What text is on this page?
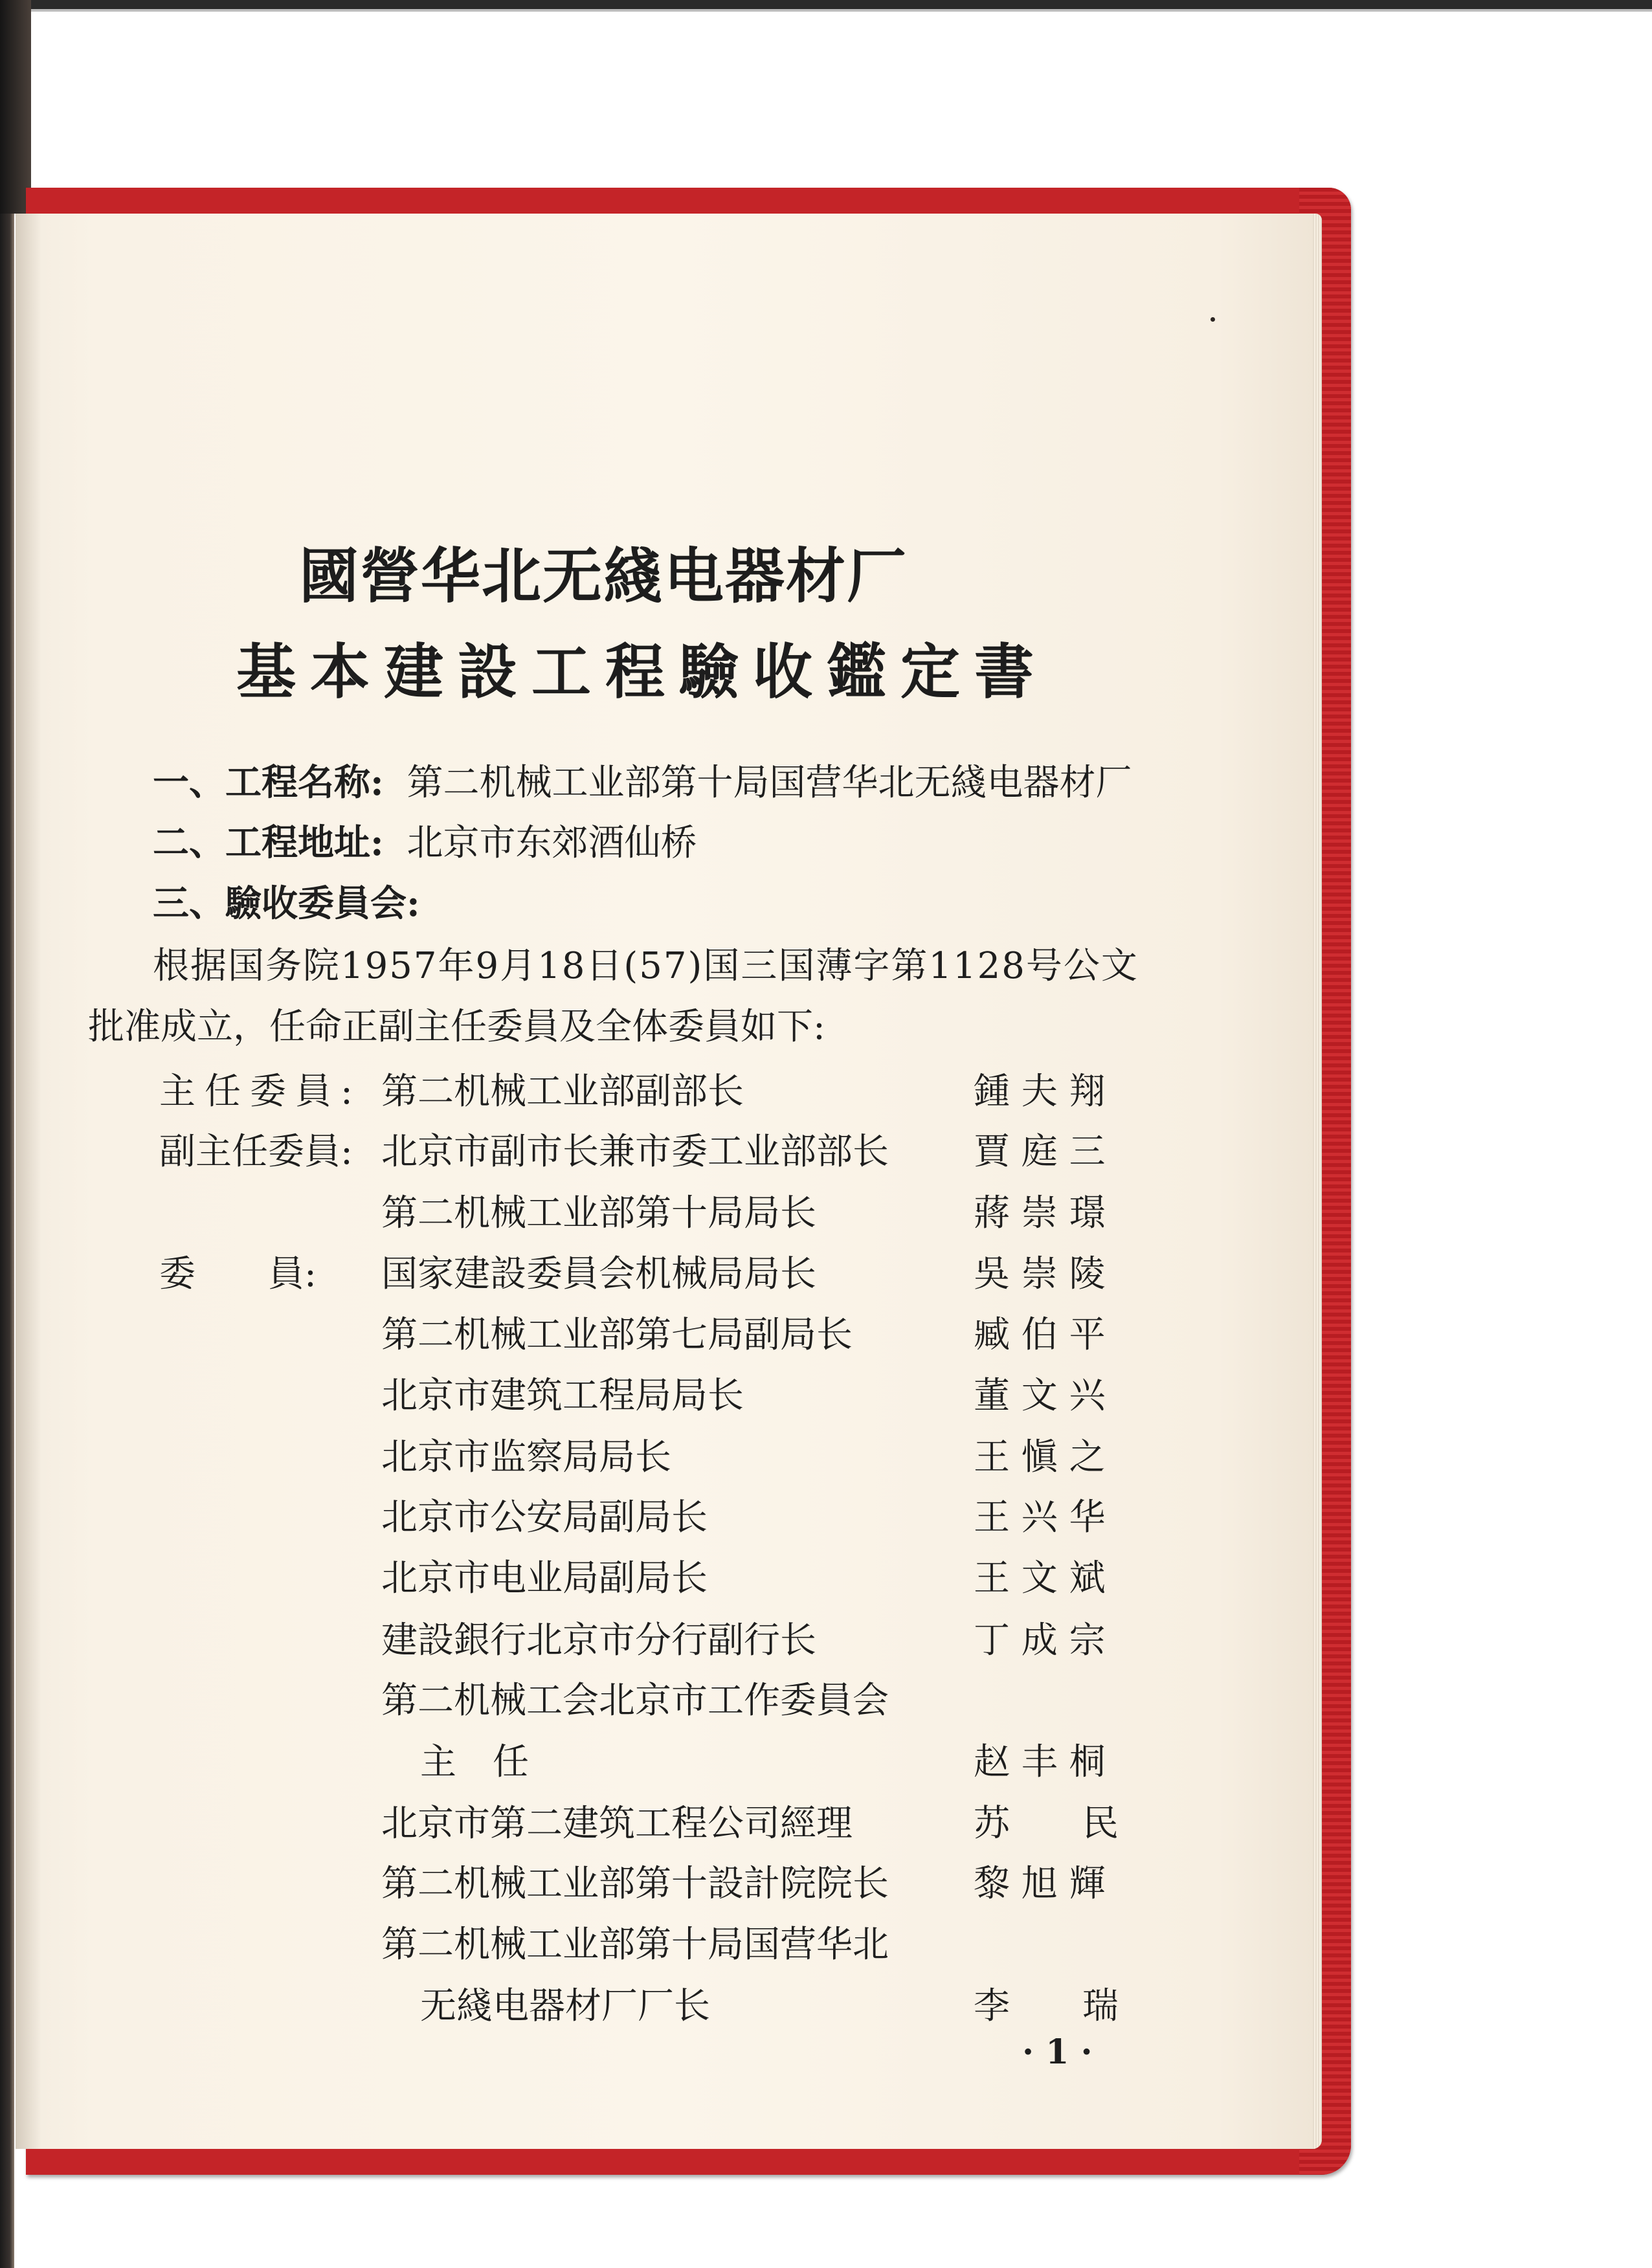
國營华北无綫电器材厂
基本建設工程驗收鑑定書

一、工程名称: 第二机械工业部第十局国营华北无綫电器材厂

二、工程地址: 北京市东郊酒仙桥

三、驗收委員会:

根据国务院1957年9月18日(57)国三国薄字第1128号公文

批准成立，任命正副主任委員及全体委員如下:

主任委員:
副主任委員:
委　　員:
第二机械工业部副部长
北京市副市长兼市委工业部部长
第二机械工业部第十局局长
国家建設委員会机械局局长
第二机械工业部第七局副局长
北京市建筑工程局局长
北京市监察局局长
北京市公安局副局长
北京市电业局副局长
建設銀行北京市分行副行长
第二机械工会北京市工作委員会
主　任
北京市第二建筑工程公司經理
第二机械工业部第十設計院院长
第二机械工业部第十局国营华北
无綫电器材厂厂长
鍾 夫 翔
賈 庭 三
蔣 崇 璟
吳 崇 陵
臧 伯 平
董 文 兴
王 愼 之
王 兴 华
王 文 斌
丁 成 宗
赵 丰 桐
苏　　民
黎 旭 輝
李　　瑞
· 1 ·
